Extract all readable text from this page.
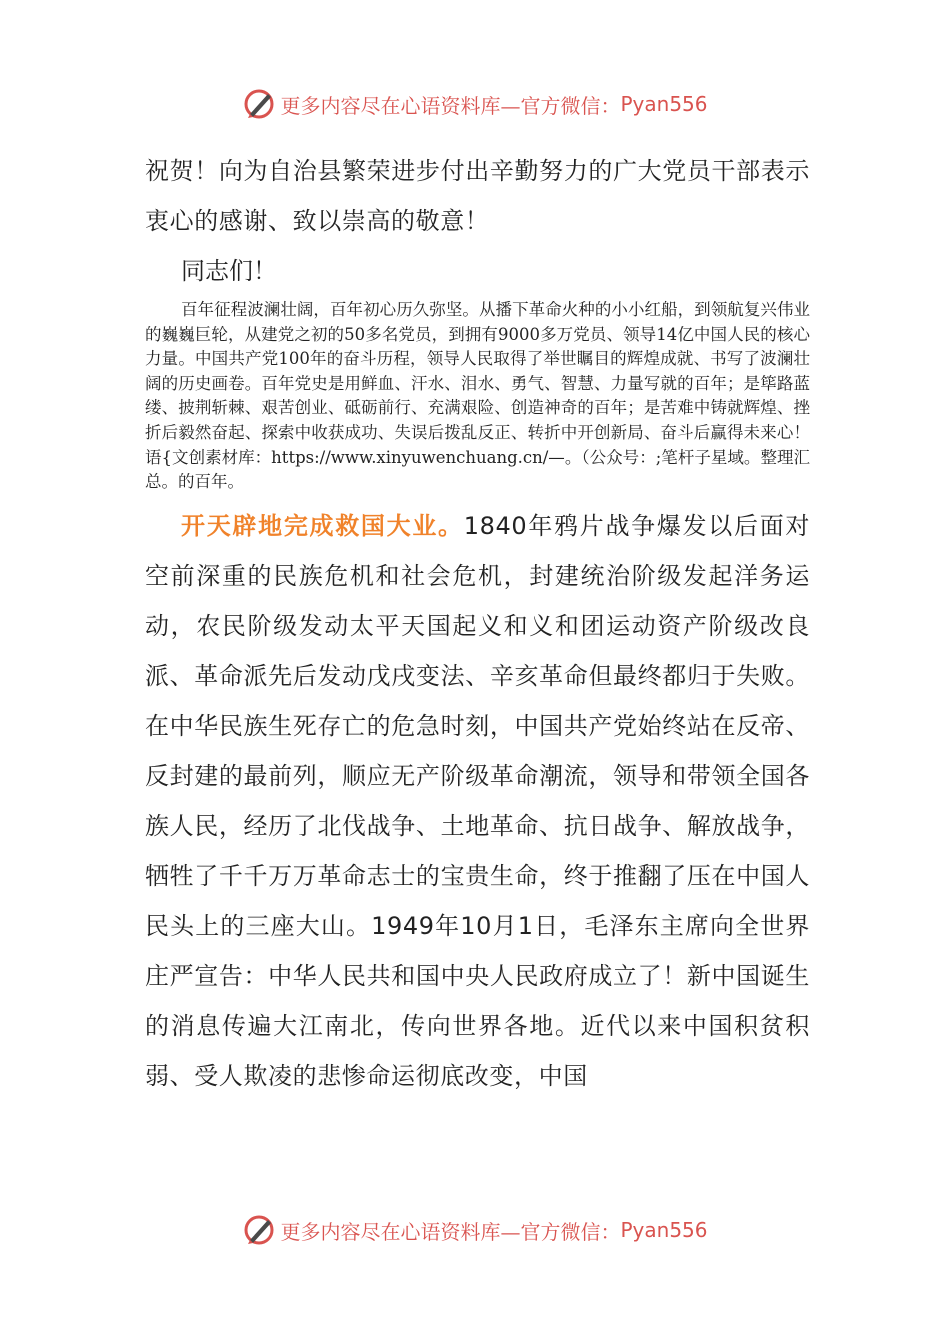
更多内容尽在心语资料库—官方微信： Pyan556

祝贺！向为自治县繁荣进步付出辛勤努力的广大党员干部表示衷心的感谢、致以崇高的敬意！

同志们！

百年征程波澜壮阔，百年初心历久弥坚。从播下革命火种的小小红船，到领航复兴伟业的巍巍巨轮，从建党之初的50多名党员，到拥有9000多万党员、领导14亿中国人民的核心力量。中国共产党100年的奋斗历程，领导人民取得了举世瞩目的辉煌成就、书写了波澜壮阔的历史画卷。百年党史是用鲜血、汗水、泪水、勇气、智慧、力量写就的百年；是筚路蓝缕、披荆斩棘、艰苦创业、砥砺前行、充满艰险、创造神奇的百年；是苦难中铸就辉煌、挫折后毅然奋起、探索中收获成功、失误后拨乱反正、转折中开创新局、奋斗后赢得未来心！语{文创素材库：https://www.xinyuwenchuang.cn/—。（公众号：;笔杆子星域。整理汇总。的百年。

开天辟地完成救国大业。1840年鸦片战争爆发以后面对空前深重的民族危机和社会危机，封建统治阶级发起洋务运动，农民阶级发动太平天国起义和义和团运动资产阶级改良派、革命派先后发动戊戌变法、辛亥革命但最终都归于失败。在中华民族生死存亡的危急时刻，中国共产党始终站在反帝、反封建的最前列，顺应无产阶级革命潮流，领导和带领全国各族人民，经历了北伐战争、土地革命、抗日战争、解放战争，牺牲了千千万万革命志士的宝贵生命，终于推翻了压在中国人民头上的三座大山。1949年10月1日，毛泽东主席向全世界庄严宣告：中华人民共和国中央人民政府成立了！新中国诞生的消息传遍大江南北，传向世界各地。近代以来中国积贫积弱、受人欺凌的悲惨命运彻底改变，中国

更多内容尽在心语资料库—官方微信： Pyan556
